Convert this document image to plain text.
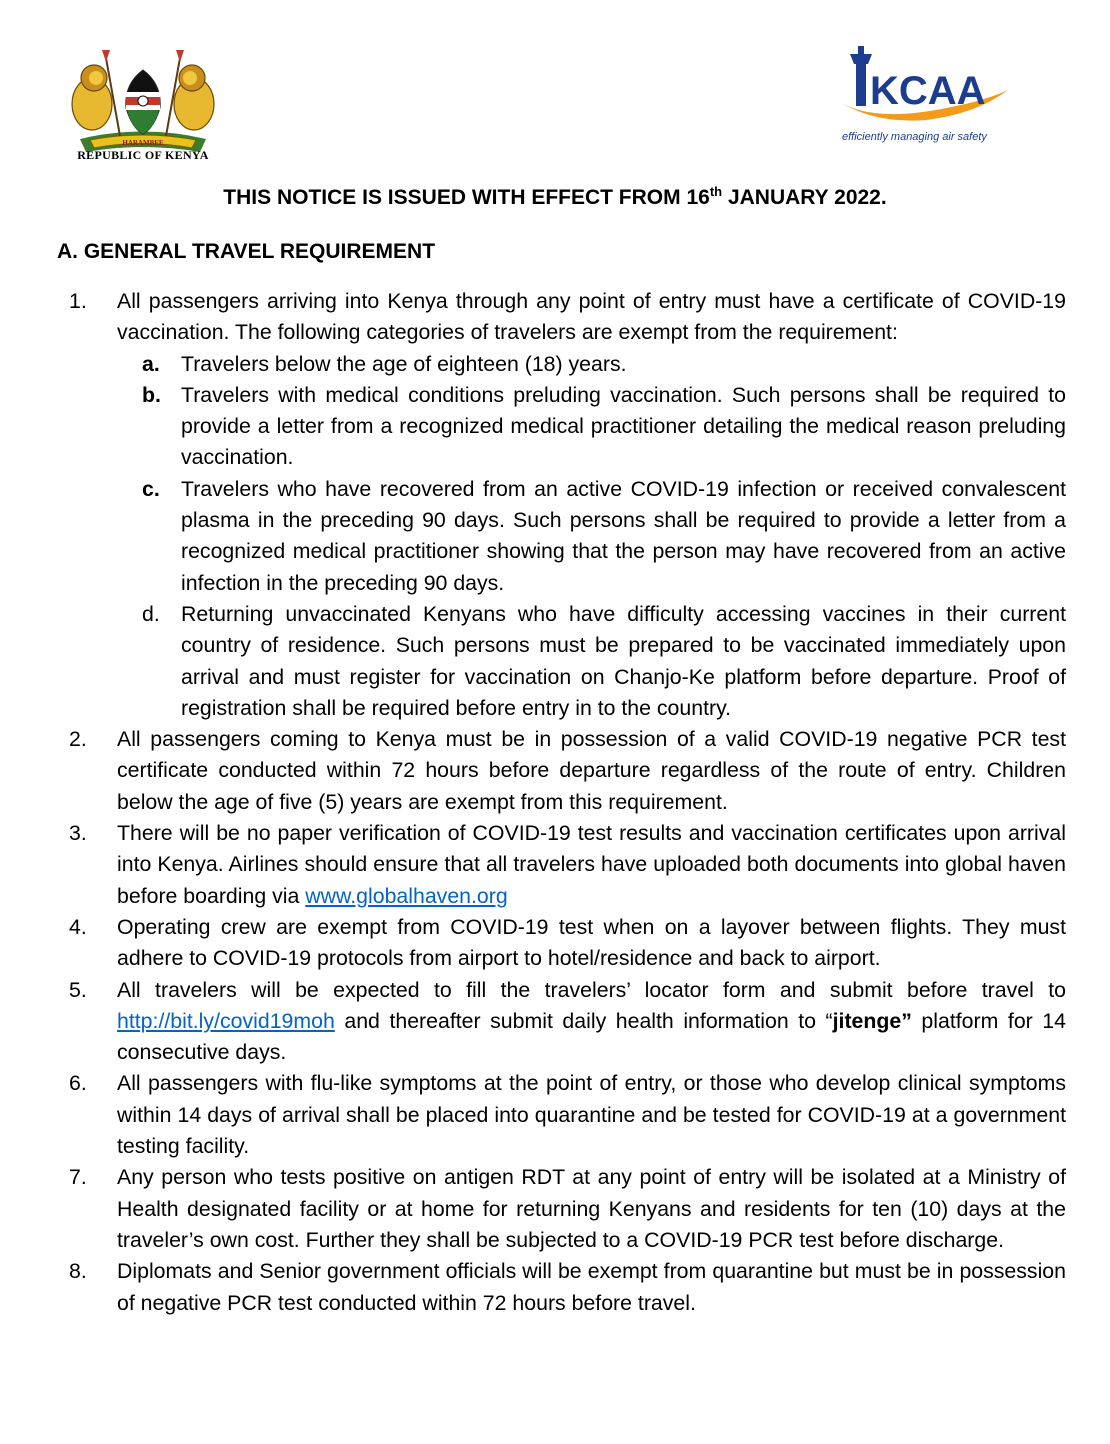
HARAMBEE
REPUBLIC OF KENYA
KCAA
efficiently managing air safety
THIS NOTICE IS ISSUED WITH EFFECT FROM 16th JANUARY 2022.
A. GENERAL TRAVEL REQUIREMENT
1. All passengers arriving into Kenya through any point of entry must have a certificate of COVID-19 vaccination. The following categories of travelers are exempt from the requirement:
a. Travelers below the age of eighteen (18) years.
b. Travelers with medical conditions preluding vaccination. Such persons shall be required to provide a letter from a recognized medical practitioner detailing the medical reason preluding vaccination.
c. Travelers who have recovered from an active COVID-19 infection or received convalescent plasma in the preceding 90 days. Such persons shall be required to provide a letter from a recognized medical practitioner showing that the person may have recovered from an active infection in the preceding 90 days.
d. Returning unvaccinated Kenyans who have difficulty accessing vaccines in their current country of residence. Such persons must be prepared to be vaccinated immediately upon arrival and must register for vaccination on Chanjo-Ke platform before departure. Proof of registration shall be required before entry in to the country.
2. All passengers coming to Kenya must be in possession of a valid COVID-19 negative PCR test certificate conducted within 72 hours before departure regardless of the route of entry. Children below the age of five (5) years are exempt from this requirement.
3. There will be no paper verification of COVID-19 test results and vaccination certificates upon arrival into Kenya. Airlines should ensure that all travelers have uploaded both documents into global haven before boarding via www.globalhaven.org
4. Operating crew are exempt from COVID-19 test when on a layover between flights. They must adhere to COVID-19 protocols from airport to hotel/residence and back to airport.
5. All travelers will be expected to fill the travelers’ locator form and submit before travel to http://bit.ly/covid19moh and thereafter submit daily health information to “jitenge” platform for 14 consecutive days.
6. All passengers with flu-like symptoms at the point of entry, or those who develop clinical symptoms within 14 days of arrival shall be placed into quarantine and be tested for COVID-19 at a government testing facility.
7. Any person who tests positive on antigen RDT at any point of entry will be isolated at a Ministry of Health designated facility or at home for returning Kenyans and residents for ten (10) days at the traveler’s own cost. Further they shall be subjected to a COVID-19 PCR test before discharge.
8. Diplomats and Senior government officials will be exempt from quarantine but must be in possession of negative PCR test conducted within 72 hours before travel.
